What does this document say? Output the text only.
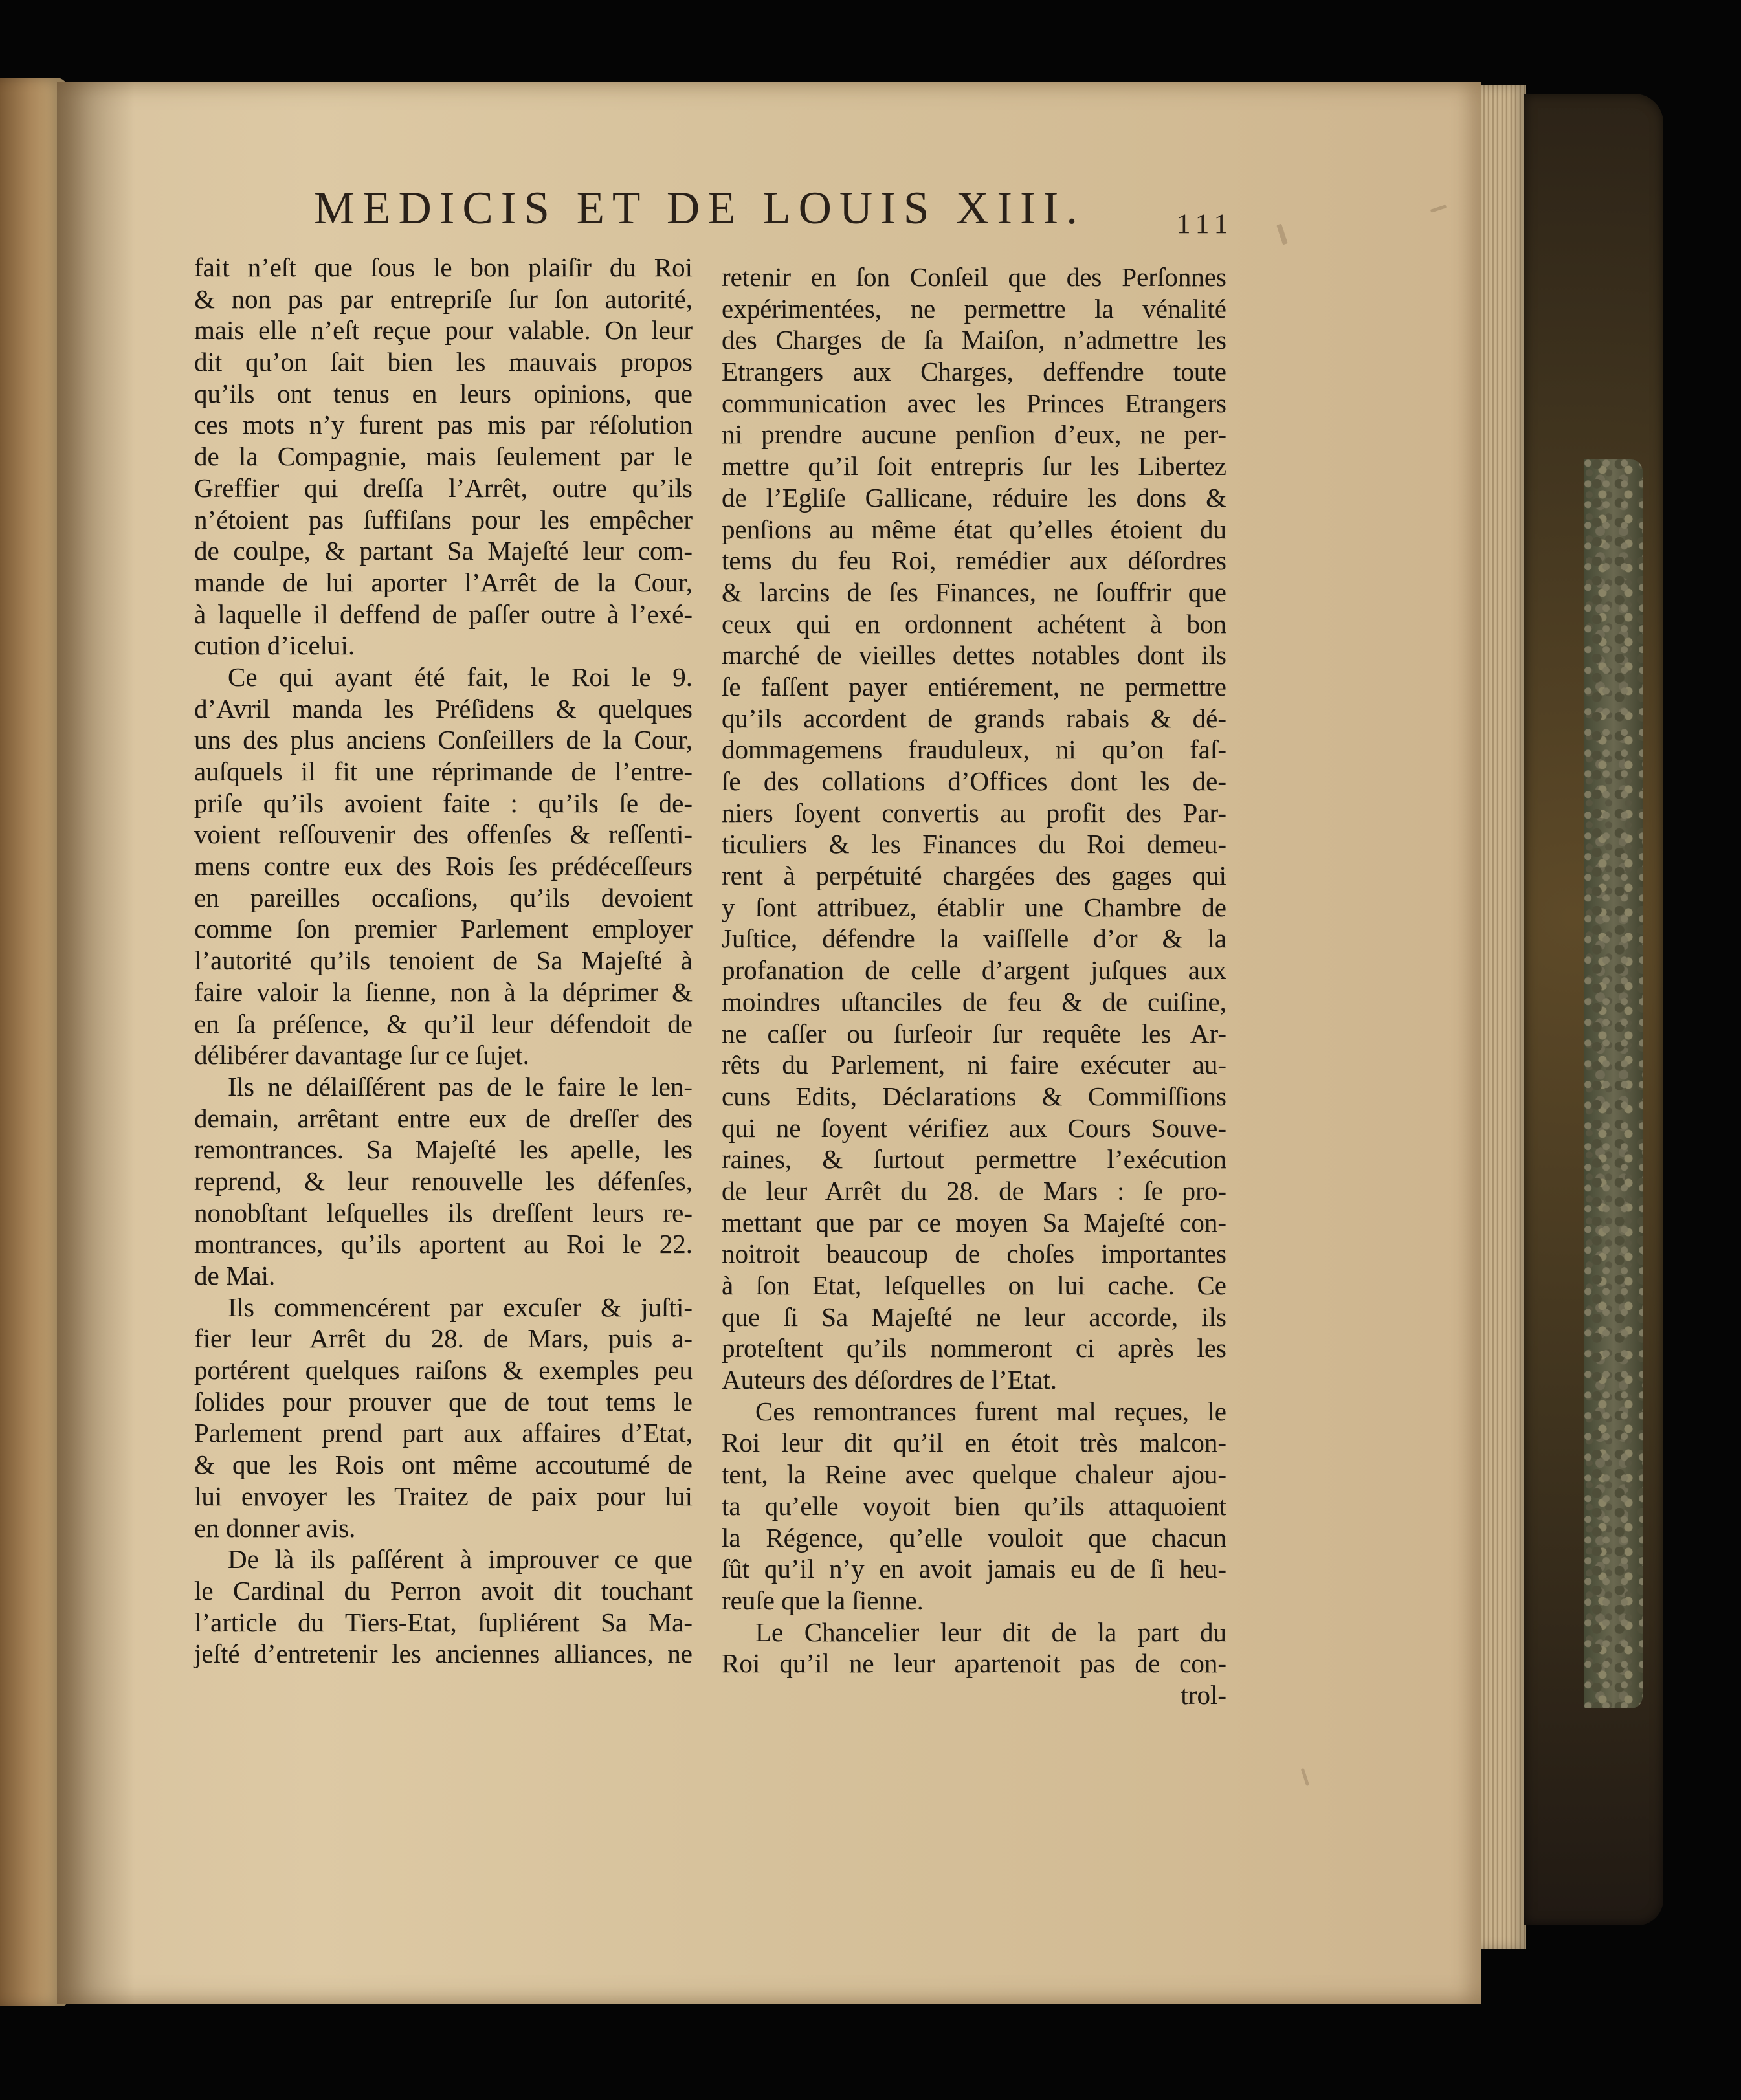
MEDICIS ET DE LOUIS XIII.	111
fait n’eſt que ſous le bon plaiſir du Roi
& non pas par entrepriſe ſur ſon autorité,
mais elle n’eſt reçue pour valable. On leur
dit qu’on ſait bien les mauvais propos
qu’ils ont tenus en leurs opinions, que
ces mots n’y furent pas mis par réſolution
de la Compagnie, mais ſeulement par le
Greffier qui dreſſa l’Arrêt, outre qu’ils
n’étoient pas ſuffiſans pour les empêcher
de coulpe, & partant Sa Majeſté leur com-
mande de lui aporter l’Arrêt de la Cour,
à laquelle il deffend de paſſer outre à l’exé-
cution d’icelui.
Ce qui ayant été fait, le Roi le 9.
d’Avril manda les Préſidens & quelques
uns des plus anciens Conſeillers de la Cour,
auſquels il fit une réprimande de l’entre-
priſe qu’ils avoient faite : qu’ils ſe de-
voient reſſouvenir des offenſes & reſſenti-
mens contre eux des Rois ſes prédéceſſeurs
en pareilles occaſions, qu’ils devoient
comme ſon premier Parlement employer
l’autorité qu’ils tenoient de Sa Majeſté à
faire valoir la ſienne, non à la déprimer &
en ſa préſence, & qu’il leur défendoit de
délibérer davantage ſur ce ſujet.
Ils ne délaiſſérent pas de le faire le len-
demain, arrêtant entre eux de dreſſer des
remontrances. Sa Majeſté les apelle, les
reprend, & leur renouvelle les défenſes,
nonobſtant leſquelles ils dreſſent leurs re-
montrances, qu’ils aportent au Roi le 22.
de Mai.
Ils commencérent par excuſer & juſti-
fier leur Arrêt du 28. de Mars, puis a-
portérent quelques raiſons & exemples peu
ſolides pour prouver que de tout tems le
Parlement prend part aux affaires d’Etat,
& que les Rois ont même accoutumé de
lui envoyer les Traitez de paix pour lui
en donner avis.
De là ils paſſérent à improuver ce que
le Cardinal du Perron avoit dit touchant
l’article du Tiers-Etat, ſupliérent Sa Ma-
jeſté d’entretenir les anciennes alliances, ne
retenir en ſon Conſeil que des Perſonnes
expérimentées, ne permettre la vénalité
des Charges de ſa Maiſon, n’admettre les
Etrangers aux Charges, deffendre toute
communication avec les Princes Etrangers
ni prendre aucune penſion d’eux, ne per-
mettre qu’il ſoit entrepris ſur les Libertez
de l’Egliſe Gallicane, réduire les dons &
penſions au même état qu’elles étoient du
tems du feu Roi, remédier aux déſordres
& larcins de ſes Finances, ne ſouffrir que
ceux qui en ordonnent achétent à bon
marché de vieilles dettes notables dont ils
ſe faſſent payer entiérement, ne permettre
qu’ils accordent de grands rabais & dé-
dommagemens frauduleux, ni qu’on faſ-
ſe des collations d’Offices dont les de-
niers ſoyent convertis au profit des Par-
ticuliers & les Finances du Roi demeu-
rent à perpétuité chargées des gages qui
y ſont attribuez, établir une Chambre de
Juſtice, défendre la vaiſſelle d’or & la
profanation de celle d’argent juſques aux
moindres uſtanciles de feu & de cuiſine,
ne caſſer ou ſurſeoir ſur requête les Ar-
rêts du Parlement, ni faire exécuter au-
cuns Edits, Déclarations & Commiſſions
qui ne ſoyent vérifiez aux Cours Souve-
raines, & ſurtout permettre l’exécution
de leur Arrêt du 28. de Mars : ſe pro-
mettant que par ce moyen Sa Majeſté con-
noitroit beaucoup de choſes importantes
à ſon Etat, leſquelles on lui cache. Ce
que ſi Sa Majeſté ne leur accorde, ils
proteſtent qu’ils nommeront ci après les
Auteurs des déſordres de l’Etat.
Ces remontrances furent mal reçues, le
Roi leur dit qu’il en étoit très malcon-
tent, la Reine avec quelque chaleur ajou-
ta qu’elle voyoit bien qu’ils attaquoient
la Régence, qu’elle vouloit que chacun
ſût qu’il n’y en avoit jamais eu de ſi heu-
reuſe que la ſienne.
Le Chancelier leur dit de la part du
Roi qu’il ne leur apartenoit pas de con-
trol-
